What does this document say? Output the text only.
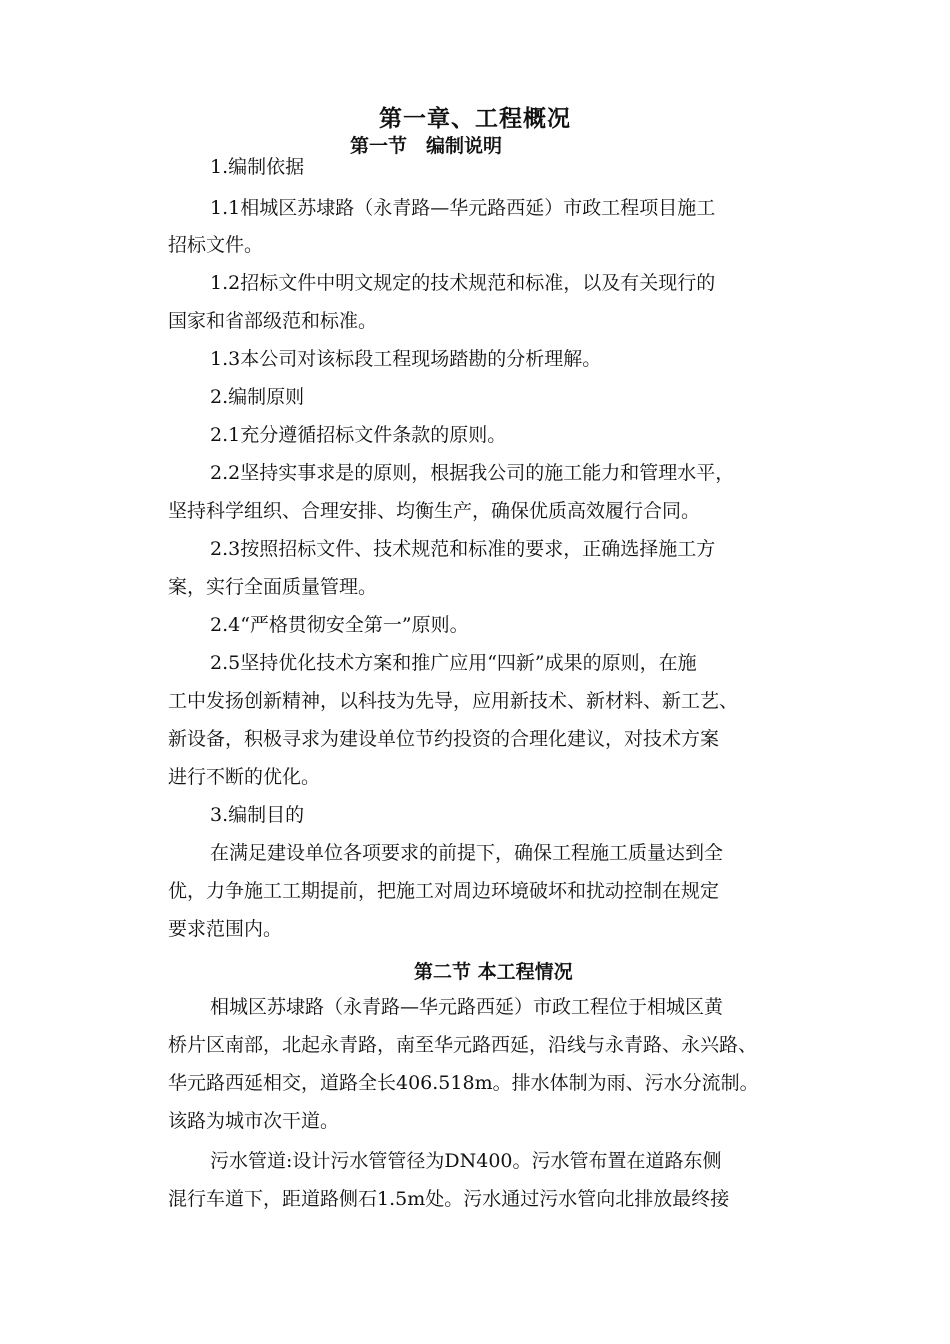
第一章、工程概况
第一节　编制说明
1.编制依据
1.1相城区苏埭路（永青路—华元路西延）市政工程项目施工
招标文件。
1.2招标文件中明文规定的技术规范和标准，以及有关现行的
国家和省部级范和标准。
1.3本公司对该标段工程现场踏勘的分析理解。
2.编制原则
2.1充分遵循招标文件条款的原则。
2.2坚持实事求是的原则，根据我公司的施工能力和管理水平，
坚持科学组织、合理安排、均衡生产，确保优质高效履行合同。
2.3按照招标文件、技术规范和标准的要求，正确选择施工方
案，实行全面质量管理。
2.4“严格贯彻安全第一”原则。
2.5坚持优化技术方案和推广应用“四新”成果的原则，在施
工中发扬创新精神，以科技为先导，应用新技术、新材料、新工艺、
新设备，积极寻求为建设单位节约投资的合理化建议，对技术方案
进行不断的优化。
3.编制目的
在满足建设单位各项要求的前提下，确保工程施工质量达到全
优，力争施工工期提前，把施工对周边环境破坏和扰动控制在规定
要求范围内。
第二节 本工程情况
相城区苏埭路（永青路—华元路西延）市政工程位于相城区黄
桥片区南部，北起永青路，南至华元路西延，沿线与永青路、永兴路、
华元路西延相交，道路全长406.518m。排水体制为雨、污水分流制。
该路为城市次干道。
污水管道:设计污水管管径为DN400。污水管布置在道路东侧
混行车道下，距道路侧石1.5m处。污水通过污水管向北排放最终接
